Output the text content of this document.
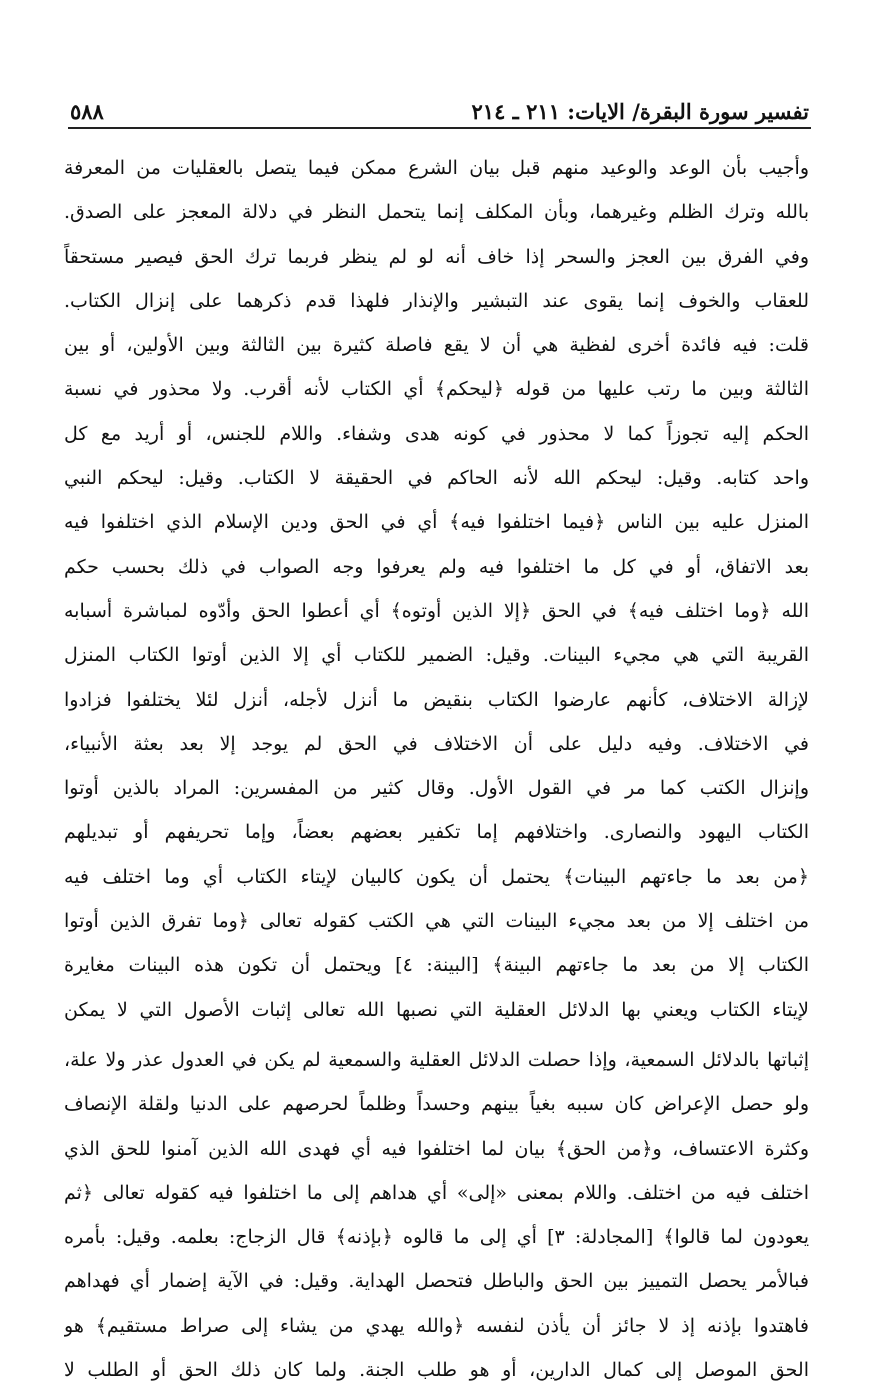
تفسير سورة البقرة/ الايات: ٢١١ ـ ٢١٤
٥٨٨
وأجيب بأن الوعد والوعيد منهم قبل بيان الشرع ممكن فيما يتصل بالعقليات من المعرفة
بالله وترك الظلم وغيرهما، وبأن المكلف إنما يتحمل النظر في دلالة المعجز على الصدق.
وفي الفرق بين العجز والسحر إذا خاف أنه لو لم ينظر فربما ترك الحق فيصير مستحقاً
للعقاب والخوف إنما يقوى عند التبشير والإنذار فلهذا قدم ذكرهما على إنزال الكتاب.
قلت: فيه فائدة أخرى لفظية هي أن لا يقع فاصلة كثيرة بين الثالثة وبين الأولين، أو بين
الثالثة وبين ما رتب عليها من قوله ﴿ليحكم﴾ أي الكتاب لأنه أقرب. ولا محذور في نسبة
الحكم إليه تجوزاً كما لا محذور في كونه هدى وشفاء. واللام للجنس، أو أريد مع كل
واحد كتابه. وقيل: ليحكم الله لأنه الحاكم في الحقيقة لا الكتاب. وقيل: ليحكم النبي
المنزل عليه بين الناس ﴿فيما اختلفوا فيه﴾ أي في الحق ودين الإسلام الذي اختلفوا فيه
بعد الاتفاق، أو في كل ما اختلفوا فيه ولم يعرفوا وجه الصواب في ذلك بحسب حكم
الله ﴿وما اختلف فيه﴾ في الحق ﴿إلا الذين أوتوه﴾ أي أعطوا الحق وأدّوه لمباشرة أسبابه
القريبة التي هي مجيء البينات. وقيل: الضمير للكتاب أي إلا الذين أوتوا الكتاب المنزل
لإزالة الاختلاف، كأنهم عارضوا الكتاب بنقيض ما أنزل لأجله، أنزل لئلا يختلفوا فزادوا
في الاختلاف. وفيه دليل على أن الاختلاف في الحق لم يوجد إلا بعد بعثة الأنبياء،
وإنزال الكتب كما مر في القول الأول. وقال كثير من المفسرين: المراد بالذين أوتوا
الكتاب اليهود والنصارى. واختلافهم إما تكفير بعضهم بعضاً، وإما تحريفهم أو تبديلهم
﴿من بعد ما جاءتهم البينات﴾ يحتمل أن يكون كالبيان لإيتاء الكتاب أي وما اختلف فيه
من اختلف إلا من بعد مجيء البينات التي هي الكتب كقوله تعالى ﴿وما تفرق الذين أوتوا
الكتاب إلا من بعد ما جاءتهم البينة﴾ [البينة: ٤] ويحتمل أن تكون هذه البينات مغايرة
لإيتاء الكتاب ويعني بها الدلائل العقلية التي نصبها الله تعالى إثبات الأصول التي لا يمكن
إثباتها بالدلائل السمعية، وإذا حصلت الدلائل العقلية والسمعية لم يكن في العدول عذر ولا علة،
ولو حصل الإعراض كان سببه بغياً بينهم وحسداً وظلماً لحرصهم على الدنيا ولقلة الإنصاف
وكثرة الاعتساف، و﴿من الحق﴾ بيان لما اختلفوا فيه أي فهدى الله الذين آمنوا للحق الذي
اختلف فيه من اختلف. واللام بمعنى «إلى» أي هداهم إلى ما اختلفوا فيه كقوله تعالى ﴿ثم
يعودون لما قالوا﴾ [المجادلة: ٣] أي إلى ما قالوه ﴿بإذنه﴾ قال الزجاج: بعلمه. وقيل: بأمره
فبالأمر يحصل التمييز بين الحق والباطل فتحصل الهداية. وقيل: في الآية إضمار أي فهداهم
فاهتدوا بإذنه إذ لا جائز أن يأذن لنفسه ﴿والله يهدي من يشاء إلى صراط مستقيم﴾ هو
الحق الموصل إلى كمال الدارين، أو هو طلب الجنة. ولما كان ذلك الحق أو الطلب لا
